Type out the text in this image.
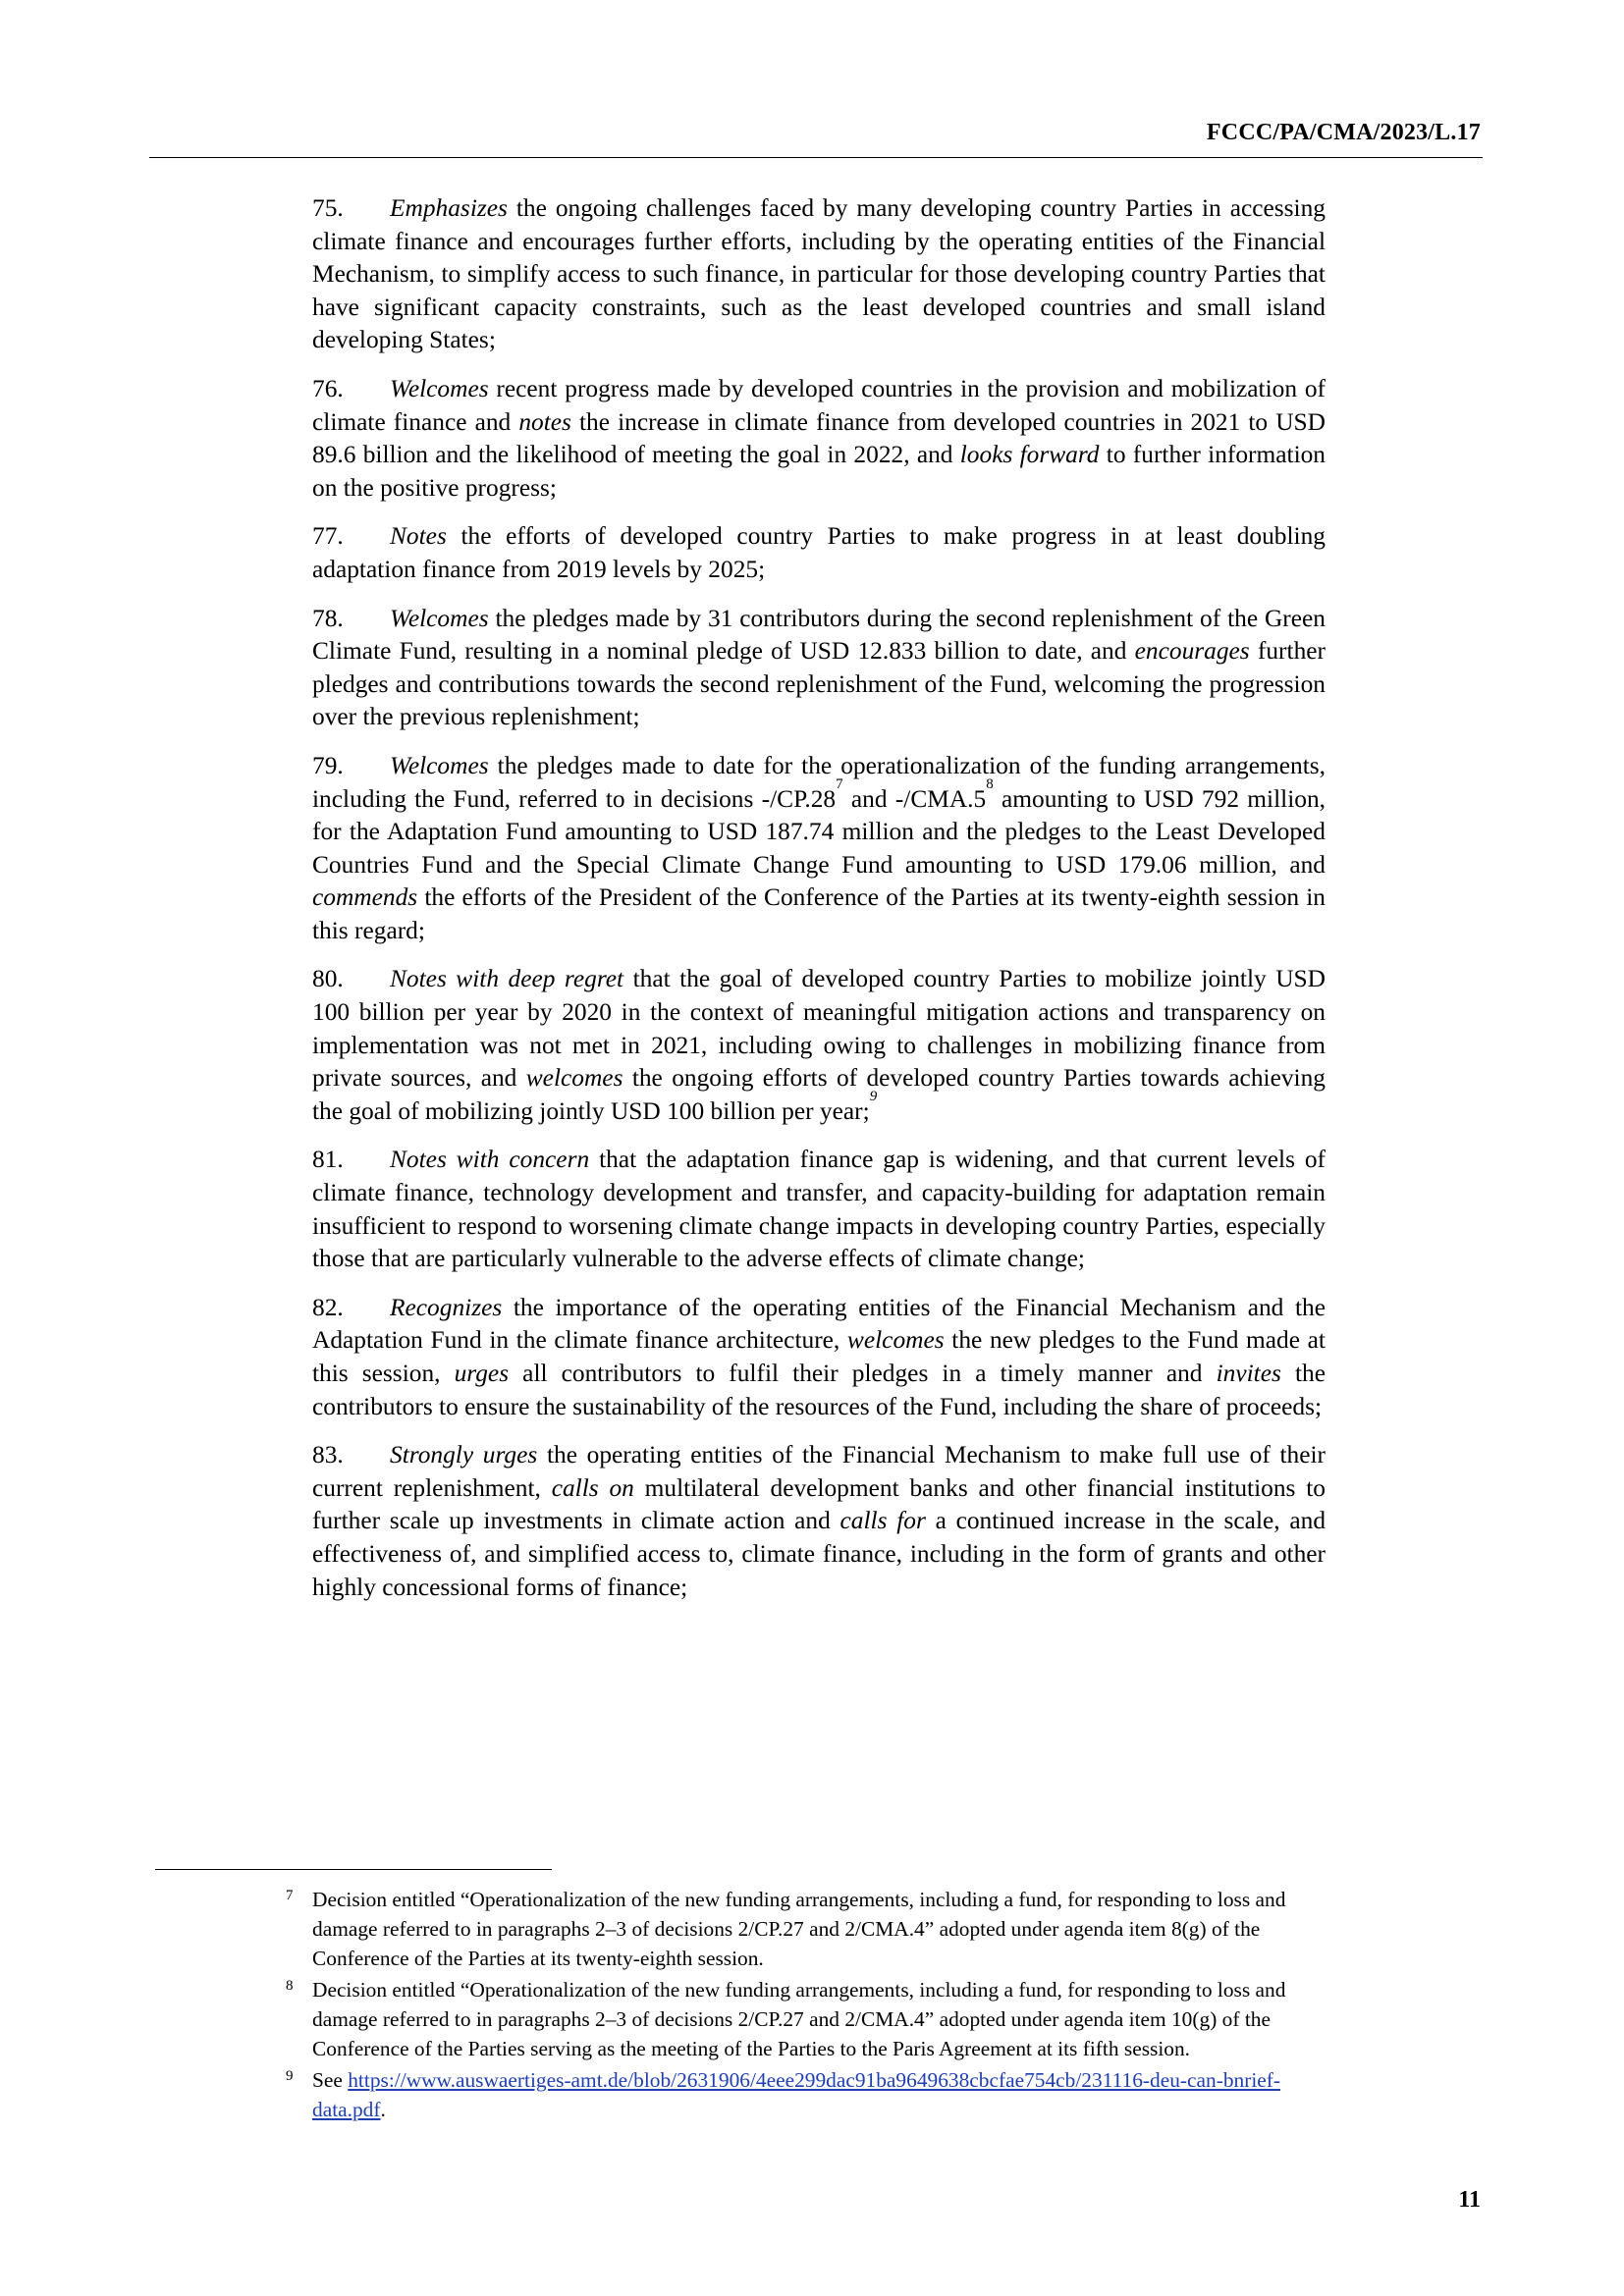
FCCC/PA/CMA/2023/L.17

75. Emphasizes the ongoing challenges faced by many developing country Parties in accessing climate finance and encourages further efforts, including by the operating entities of the Financial Mechanism, to simplify access to such finance, in particular for those developing country Parties that have significant capacity constraints, such as the least developed countries and small island developing States;

76. Welcomes recent progress made by developed countries in the provision and mobilization of climate finance and notes the increase in climate finance from developed countries in 2021 to USD 89.6 billion and the likelihood of meeting the goal in 2022, and looks forward to further information on the positive progress;

77. Notes the efforts of developed country Parties to make progress in at least doubling adaptation finance from 2019 levels by 2025;

78. Welcomes the pledges made by 31 contributors during the second replenishment of the Green Climate Fund, resulting in a nominal pledge of USD 12.833 billion to date, and encourages further pledges and contributions towards the second replenishment of the Fund, welcoming the progression over the previous replenishment;

79. Welcomes the pledges made to date for the operationalization of the funding arrangements, including the Fund, referred to in decisions -/CP.28$^7$ and -/CMA.5$^8$ amounting to USD 792 million, for the Adaptation Fund amounting to USD 187.74 million and the pledges to the Least Developed Countries Fund and the Special Climate Change Fund amounting to USD 179.06 million, and commends the efforts of the President of the Conference of the Parties at its twenty-eighth session in this regard;

80. Notes with deep regret that the goal of developed country Parties to mobilize jointly USD 100 billion per year by 2020 in the context of meaningful mitigation actions and transparency on implementation was not met in 2021, including owing to challenges in mobilizing finance from private sources, and welcomes the ongoing efforts of developed country Parties towards achieving the goal of mobilizing jointly USD 100 billion per year;$^9$

81. Notes with concern that the adaptation finance gap is widening, and that current levels of climate finance, technology development and transfer, and capacity-building for adaptation remain insufficient to respond to worsening climate change impacts in developing country Parties, especially those that are particularly vulnerable to the adverse effects of climate change;

82. Recognizes the importance of the operating entities of the Financial Mechanism and the Adaptation Fund in the climate finance architecture, welcomes the new pledges to the Fund made at this session, urges all contributors to fulfil their pledges in a timely manner and invites the contributors to ensure the sustainability of the resources of the Fund, including the share of proceeds;

83. Strongly urges the operating entities of the Financial Mechanism to make full use of their current replenishment, calls on multilateral development banks and other financial institutions to further scale up investments in climate action and calls for a continued increase in the scale, and effectiveness of, and simplified access to, climate finance, including in the form of grants and other highly concessional forms of finance;

7 Decision entitled “Operationalization of the new funding arrangements, including a fund, for responding to loss and damage referred to in paragraphs 2–3 of decisions 2/CP.27 and 2/CMA.4” adopted under agenda item 8(g) of the Conference of the Parties at its twenty-eighth session.

8 Decision entitled “Operationalization of the new funding arrangements, including a fund, for responding to loss and damage referred to in paragraphs 2–3 of decisions 2/CP.27 and 2/CMA.4” adopted under agenda item 10(g) of the Conference of the Parties serving as the meeting of the Parties to the Paris Agreement at its fifth session.

9 See https://www.auswaertiges-amt.de/blob/2631906/4eee299dac91ba9649638cbcfae754cb/231116-deu-can-bnrief-data.pdf.

11
